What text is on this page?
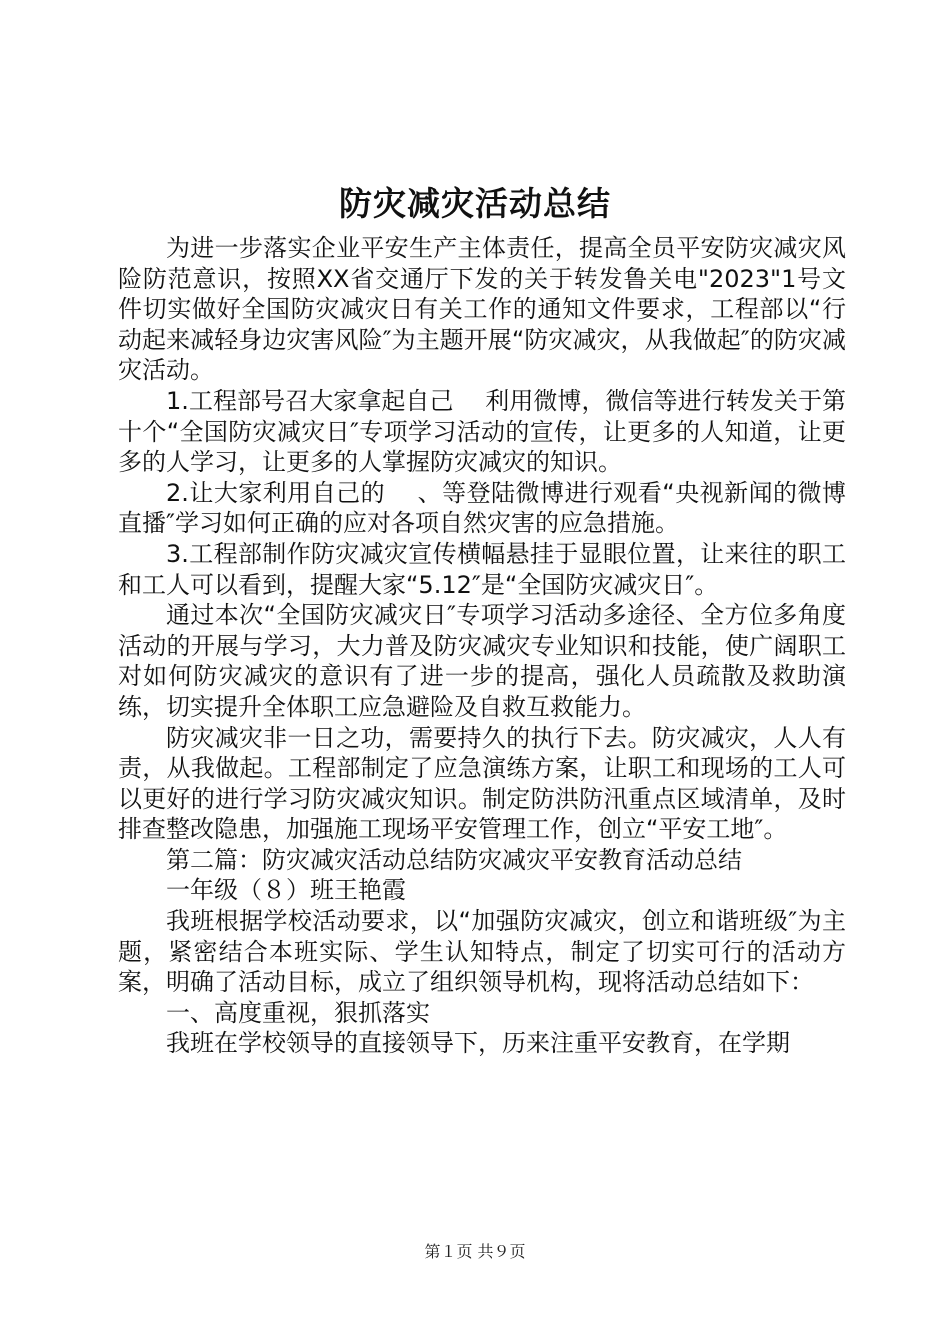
防灾减灾活动总结

为进一步落实企业平安生产主体责任，提高全员平安防灾减灾风险防范意识，按照XX省交通厅下发的关于转发鲁关电"2023"1号文件切实做好全国防灾减灾日有关工作的通知文件要求，工程部以“行动起来减轻身边灾害风险″为主题开展“防灾减灾，从我做起″的防灾减灾活动。

1.工程部号召大家拿起自己　 利用微博，微信等进行转发关于第十个“全国防灾减灾日″专项学习活动的宣传，让更多的人知道，让更多的人学习，让更多的人掌握防灾减灾的知识。

2.让大家利用自己的　 、等登陆微博进行观看“央视新闻的微博直播″学习如何正确的应对各项自然灾害的应急措施。

3.工程部制作防灾减灾宣传横幅悬挂于显眼位置，让来往的职工和工人可以看到，提醒大家“5.12″是“全国防灾减灾日″。

通过本次“全国防灾减灾日″专项学习活动多途径、全方位多角度活动的开展与学习，大力普及防灾减灾专业知识和技能，使广阔职工对如何防灾减灾的意识有了进一步的提高，强化人员疏散及救助演练，切实提升全体职工应急避险及自救互救能力。

防灾减灾非一日之功，需要持久的执行下去。防灾减灾，人人有责，从我做起。工程部制定了应急演练方案，让职工和现场的工人可以更好的进行学习防灾减灾知识。制定防洪防汛重点区域清单，及时排查整改隐患，加强施工现场平安管理工作，创立“平安工地″。

第二篇：防灾减灾活动总结防灾减灾平安教育活动总结

一年级（８）班王艳霞

我班根据学校活动要求，以“加强防灾减灾，创立和谐班级″为主题，紧密结合本班实际、学生认知特点，制定了切实可行的活动方案，明确了活动目标，成立了组织领导机构，现将活动总结如下：

一、高度重视，狠抓落实

我班在学校领导的直接领导下，历来注重平安教育，在学期

第１页 共９页
